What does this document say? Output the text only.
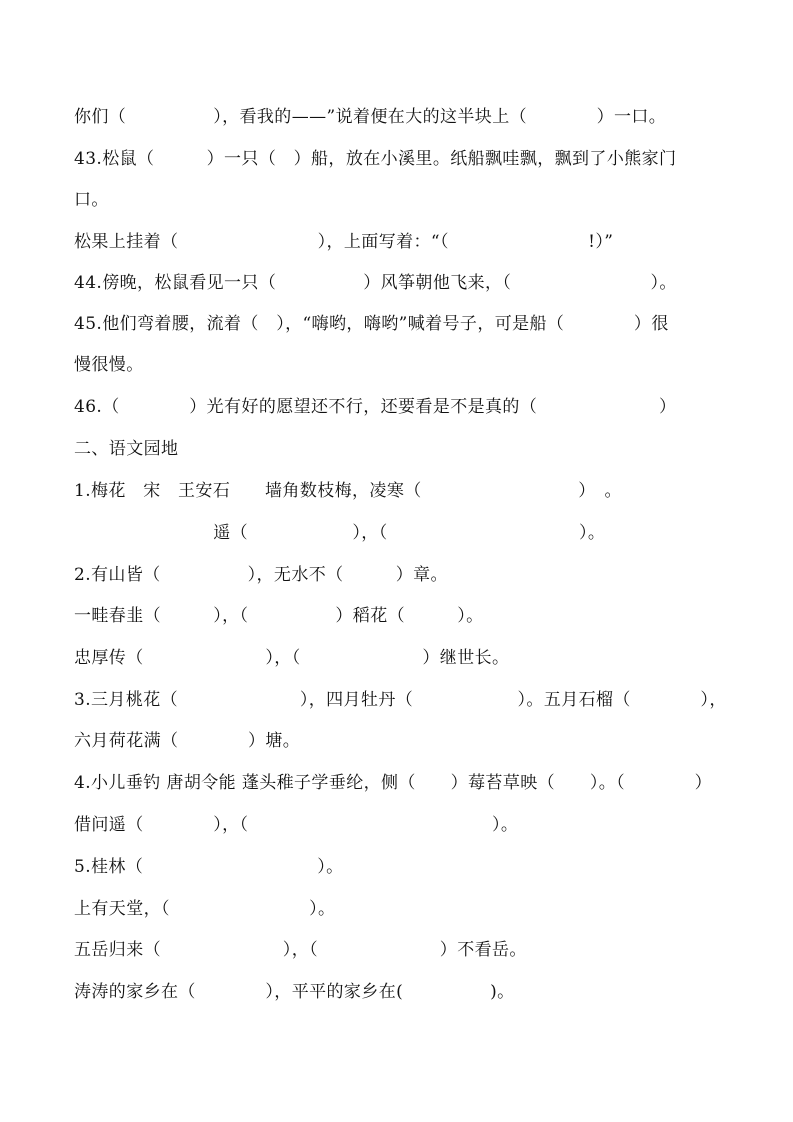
你们（　　　　　），看我的——”说着便在大的这半块上（　　　　）一口。
43.松鼠（　　　）一只（　）船，放在小溪里。纸船飘哇飘，飘到了小熊家门
口。
松果上挂着（　　　　　　　　），上面写着：“（　　　　　　　　!）”
44.傍晚，松鼠看见一只（　　　　　）风筝朝他飞来，（　　　　　　　　）。
45.他们弯着腰，流着（　），“嗨哟，嗨哟”喊着号子，可是船（　　　　）很
慢很慢。
46.（　　　　）光有好的愿望还不行，还要看是不是真的（　　　　　　　）
二、语文园地
1.梅花　宋　王安石　　墙角数枝梅，凌寒（　　　　　　　　　）　。
　　　　　　　　遥（　　　　　　），（　　　　　　　　　　　）。
2.有山皆（　　　　　），无水不（　　　）章。
一畦春韭（　　　），（　　　　　）稻花（　　　）。
忠厚传（　　　　　　　），（　　　　　　　）继世长。
3.三月桃花（　　　　　　　），四月牡丹（　　　　　　）。五月石榴（　　　　），
六月荷花满（　　　　）塘。
4.小儿垂钓 唐胡令能 蓬头稚子学垂纶，侧（　　）莓苔草映（　　）。（　　　　）
借问遥（　　　　），（　　　　　　　　　　　　　　）。
5.桂林（　　　　　　　　　　）。
上有天堂，（　　　　　　　　）。
五岳归来（　　　　　　　），（　　　　　　　）不看岳。
涛涛的家乡在（　　　　），平平的家乡在(　　　　　)。
